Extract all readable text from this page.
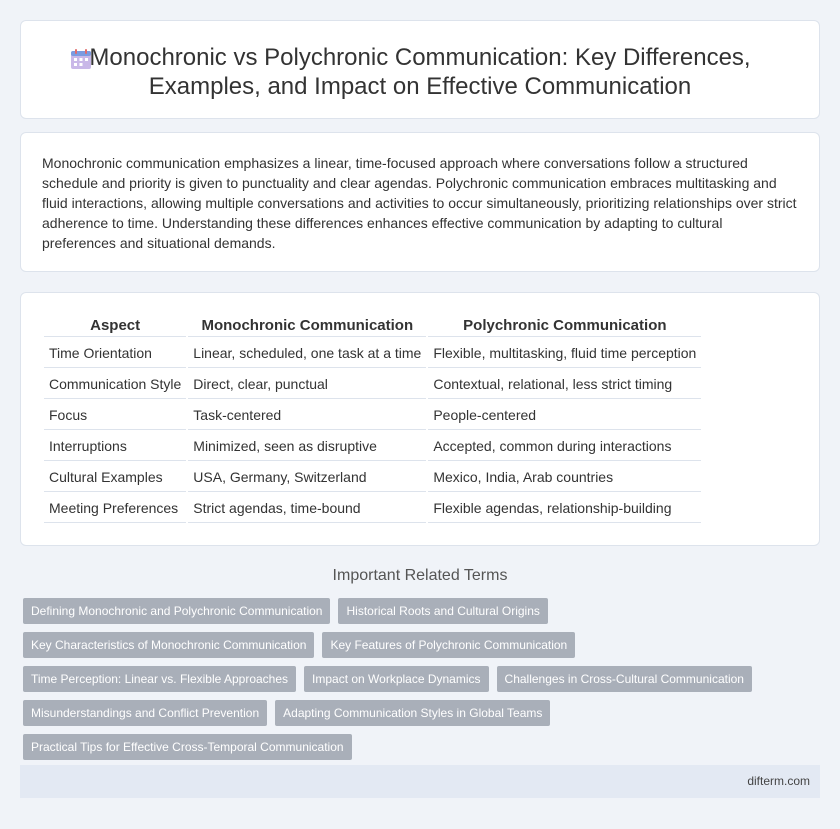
Monochronic vs Polychronic Communication: Key Differences,
Examples, and Impact on Effective Communication

Monochronic communication emphasizes a linear, time-focused approach where conversations follow a structured schedule and priority is given to punctuality and clear agendas. Polychronic communication embraces multitasking and fluid interactions, allowing multiple conversations and activities to occur simultaneously, prioritizing relationships over strict adherence to time. Understanding these differences enhances effective communication by adapting to cultural preferences and situational demands.

Aspect	Monochronic Communication	Polychronic Communication
Time Orientation	Linear, scheduled, one task at a time	Flexible, multitasking, fluid time perception
Communication Style	Direct, clear, punctual	Contextual, relational, less strict timing
Focus	Task-centered	People-centered
Interruptions	Minimized, seen as disruptive	Accepted, common during interactions
Cultural Examples	USA, Germany, Switzerland	Mexico, India, Arab countries
Meeting Preferences	Strict agendas, time-bound	Flexible agendas, relationship-building
Important Related Terms
Defining Monochronic and Polychronic Communication	Historical Roots and Cultural Origins
Key Characteristics of Monochronic Communication	Key Features of Polychronic Communication
Time Perception: Linear vs. Flexible Approaches	Impact on Workplace Dynamics	Challenges in Cross-Cultural Communication
Misunderstandings and Conflict Prevention	Adapting Communication Styles in Global Teams
Practical Tips for Effective Cross-Temporal Communication
difterm.com
